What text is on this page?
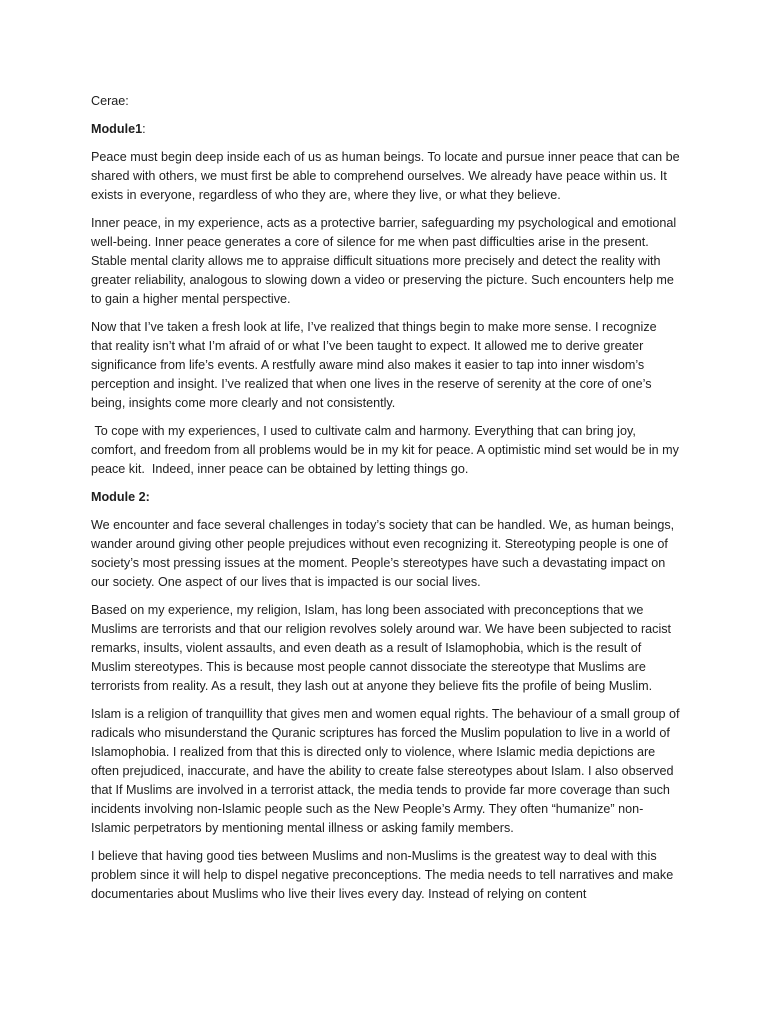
Cerae:

Module1:

Peace must begin deep inside each of us as human beings. To locate and pursue inner peace that can be shared with others, we must first be able to comprehend ourselves. We already have peace within us. It exists in everyone, regardless of who they are, where they live, or what they believe.

Inner peace, in my experience, acts as a protective barrier, safeguarding my psychological and emotional well-being. Inner peace generates a core of silence for me when past difficulties arise in the present. Stable mental clarity allows me to appraise difficult situations more precisely and detect the reality with greater reliability, analogous to slowing down a video or preserving the picture. Such encounters help me to gain a higher mental perspective.

Now that I’ve taken a fresh look at life, I’ve realized that things begin to make more sense. I recognize that reality isn’t what I’m afraid of or what I’ve been taught to expect. It allowed me to derive greater significance from life’s events. A restfully aware mind also makes it easier to tap into inner wisdom’s perception and insight. I’ve realized that when one lives in the reserve of serenity at the core of one’s being, insights come more clearly and not consistently.

To cope with my experiences, I used to cultivate calm and harmony. Everything that can bring joy, comfort, and freedom from all problems would be in my kit for peace. A optimistic mind set would be in my peace kit.  Indeed, inner peace can be obtained by letting things go.

Module 2:

We encounter and face several challenges in today’s society that can be handled. We, as human beings, wander around giving other people prejudices without even recognizing it. Stereotyping people is one of society’s most pressing issues at the moment. People’s stereotypes have such a devastating impact on our society. One aspect of our lives that is impacted is our social lives.

Based on my experience, my religion, Islam, has long been associated with preconceptions that we Muslims are terrorists and that our religion revolves solely around war. We have been subjected to racist remarks, insults, violent assaults, and even death as a result of Islamophobia, which is the result of Muslim stereotypes. This is because most people cannot dissociate the stereotype that Muslims are terrorists from reality. As a result, they lash out at anyone they believe fits the profile of being Muslim.

Islam is a religion of tranquillity that gives men and women equal rights. The behaviour of a small group of radicals who misunderstand the Quranic scriptures has forced the Muslim population to live in a world of Islamophobia. I realized from that this is directed only to violence, where Islamic media depictions are often prejudiced, inaccurate, and have the ability to create false stereotypes about Islam. I also observed that If Muslims are involved in a terrorist attack, the media tends to provide far more coverage than such incidents involving non-Islamic people such as the New People’s Army. They often “humanize” non-Islamic perpetrators by mentioning mental illness or asking family members.

I believe that having good ties between Muslims and non-Muslims is the greatest way to deal with this problem since it will help to dispel negative preconceptions. The media needs to tell narratives and make documentaries about Muslims who live their lives every day. Instead of relying on content
